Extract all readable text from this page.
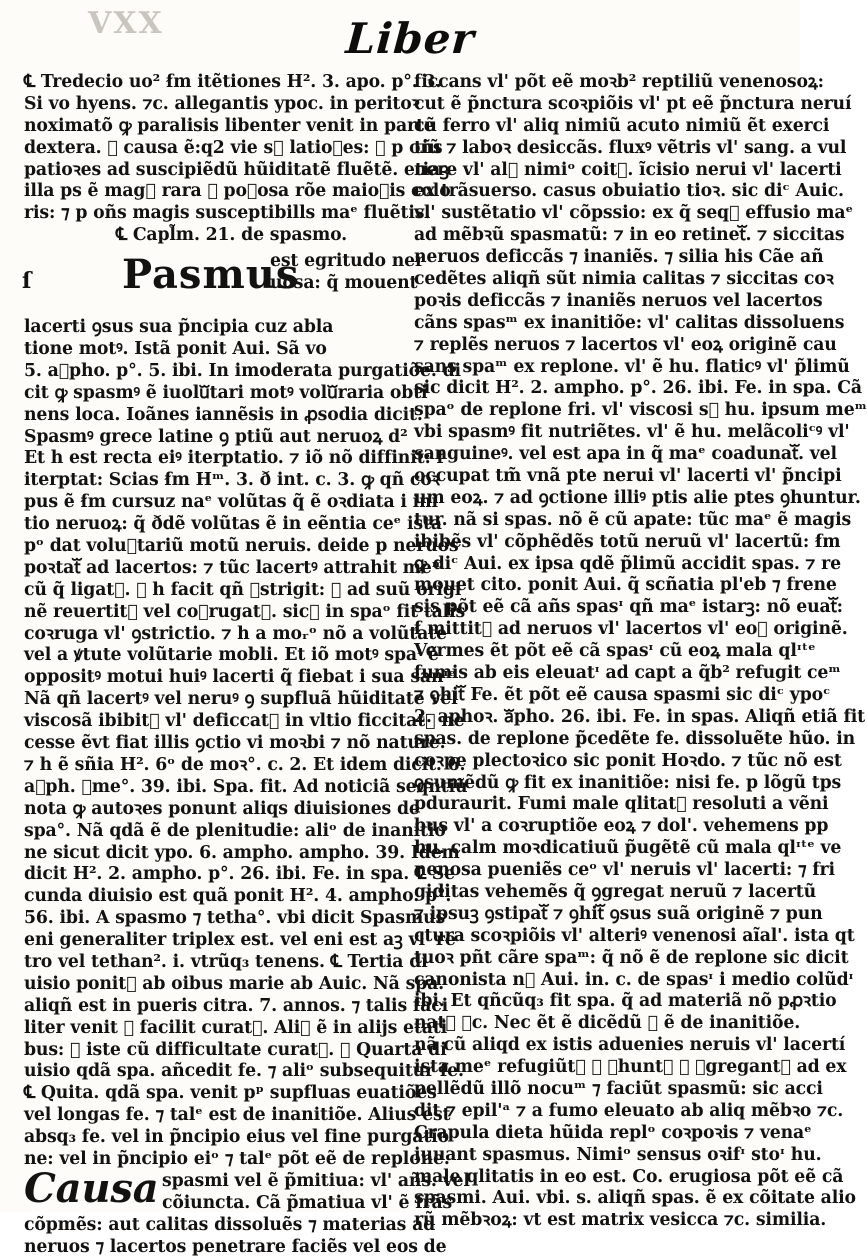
VXX	Liber
ſ
℄ Tredecio uo² ẜm itẽtiones H². 3. apo. p°. 3.
Si vo hyens. ⁊c. allegantis ypoc. in peritoꝛ
noximatõ ꝙ paralisis libenter venit in parte
dextera. ⁊ causa ẽ:q2 vie sᷓ latioꝛes: ⁊ p oñs
patioꝛes ad suscipiẽdũ hũiditatẽ fluẽtẽ. etiaꝫ
illa ps ẽ magᷓ rara ⁊ poꝛosa rõe maioꝛis colo
ris: ⁊ p oñs magis susceptibills maᵉ fluẽtis.
℄ Capl̃m. 21. de spasmo.
Pasmus
est egritudo ner
uosa: q̃ mouent
lacerti ꝯsus sua p̃ncipia cuz abla
tione motꝰ. Istã ponit Aui. Sã vo
5. aᷓpho. p°. 5. ibi. In imoderata purgatiõe. di
cit ꝙ spasmꝰ ẽ iuoluᷓtari motꝰ voluᷓraria obti
nens loca. Ioãnes iannẽsis in ꝓsodia dicit.
Spasmꝰ grece latine ꝯ ptiũ aut neruoꝝ d²
Et h est recta eiꝰ iterptatio. ⁊ iõ nõ diffinit: ẜ
iterptat: Scias ẜm Hᵐ. 3. ð int. c. 3. ꝙ qñ coꝛ
pus ẽ ẜm cursuz naᵉ volũtas q̃ ẽ oꝛdiata i ini
tio neruoꝝ: q̃ ðdẽ volũtas ẽ in eẽntia ceᵉ ista
pᵒ dat voluᷓtariũ motũ neruis. deide p neruos
poꝛtatᷓ ad lacertos: ⁊ tũc lacertꝰ attrahit meᵐ
cũ q̃ ligatᷓ. ⁊ h facit qñ ꝯstrigit: ⁊ ad suũ origi
nẽ reuertitᷓ vel coꝛrugatᷓ. sicᷓ in spaᵒ fit talis
coꝛruga vl' ꝯstrictio. ⁊ h a moᵣᵒ nõ a volũtate
vel a ꝟtute volũtarie mobli. Et iõ motꝰ spaᶦ ẽ
oppositꝰ motui huiꝰ lacerti q̃ fiebat i sua sanᶦᵉ
Nã qñ lacertꝰ vel neruꝰ ꝯ supfluã hũiditate vel
viscosã ibibitᷓ vl' deficcatᷓ in vltio ficcitatᷓ ne
cesse ẽvt fiat illis ꝯctio vi moꝛbi ⁊ nõ nature.
⁊ h ẽ sñia H². 6ᵒ de moꝛ°. c. 2. Et idem dicit. 6.
aᷓph. ꝯme°. 39. ibi. Spa. fit. Ad noticiã seqntiũ
nota ꝙ autoꝛes ponunt aliqs diuisiones de
spa°. Nã qdã ẽ de plenitudie: aliᵒ de inanitio
ne sicut dicit ypo. 6. ampho. ampho. 39. Idem
dicit H². 2. ampho. p°. 26. ibi. Fe. in spa. ℄ Se
cunda diuisio est quã ponit H². 4. ampho. p°.
56. ibi. A spasmo ⁊ tetha°. vbi dicit Spasmus
eni generaliter triplex est. vel eni est aꝫ vl' re
tro vel tethan². i. vtrũq₃ tenens. ℄ Tertia di
uisio ponitᷓ ab oibus marie ab Auic. Nã spa.
aliqñ est in pueris citra. 7. annos. ⁊ talis faci
liter venit ⁊ facilit curatᷓ. Aliꝰ ẽ in alijs etati
bus: ⁊ iste cũ difficultate curatᷓ. ℄ Quarta di
uisio qdã spa. añcedit fe. ⁊ aliᵒ subsequitur fe.
℄ Quita. qdã spa. venit pᵖ supfluas euatiões
vel longas fe. ⁊ talᵉ est de inanitiõe. Alius est
absq₃ fe. vel in p̃ncipio eius vel fine purgatio
ne: vel in p̃ncipio eiᵒ ⁊ talᵉ põt eẽ de replone.
Causa spasmi vel ẽ p̃mitiua: vl' añs. vel
cõiuncta. Cã p̃matiua vl' ẽ frãs
cõpmẽs: aut calitas dissoluẽs ⁊ materias ad
neruos ⁊ lacertos penetrare faciẽs vel eos de
ficcans vl' põt eẽ moꝛb² reptiliũ venenosoꝝ:
cut ẽ p̃nctura scoꝛpiõis vl' pt eẽ p̃nctura neruí
cũ ferro vl' aliq nimiũ acuto nimiũ ẽt exerci
tiũ ⁊ laboꝛ desiccãs. fluxꝰ vẽtris vl' sang. a vul
nere vl' alᷓ nimiᵒ coitꝰ. ĩcisio nerui vl' lacerti
ex trãsuerso. casus obuiatio tioꝛ. sic diᶜ Auic.
vl' sustẽtatio vl' cõpssio: ex q̃ seqᷓ effusio maᵉ
ad mẽbꝛũ spasmatũ: ⁊ in eo retinetᷓ. ⁊ siccitas
neruos deficcãs ⁊ inaniẽs. ⁊ silia his Cãe añ
cedẽtes aliqñ sũt nimia calitas ⁊ siccitas coꝛ
poꝛis deficcãs ⁊ inaniẽs neruos vel lacertos
cãns spasᵐ ex inanitiõe: vl' calitas dissoluens
⁊ replẽs neruos ⁊ lacertos vl' eoꝝ originẽ cau
sans spaᵐ ex replone. vl' ẽ hu. flaticꝰ vl' p̃limũ
sic dicit H². 2. ampho. p°. 26. ibi. Fe. in spa. Cã
spaᵒ de replone fri. vl' viscosi sᷓ hu. ipsum meᵐ
vbi spasmꝰ fit nutriẽtes. vl' ẽ hu. melãcoliᶜꝰ vl'
sanguineꝰ. vel est apa in q̃ maᵉ coadunatᷓ. vel
occupat tm̃ vnã pte nerui vl' lacerti vl' p̃ncipi
um eoꝝ. ⁊ ad ꝯctione illiꝰ ptis alie ptes ꝯhuntur.
tur. nã si spas. nõ ẽ cũ apate: tũc maᵉ ẽ magis
ibibẽs vl' cõphẽdẽs totũ neruũ vl' lacertũ: ẜm
ꝙ diᶜ Aui. ex ipsa qdẽ p̃limũ accidit spas. ⁊ re
mouet cito. ponit Aui. q̃ scñatia pl'eb ⁊ frene
sis põt eẽ cã añs spasᶦ qñ maᵉ istarꝫ: nõ euatᷓ:
ẜ mittitᷓ ad neruos vl' lacertos vl' eoꝝ originẽ.
Vermes ẽt põt eẽ cã spasᶦ cũ eoꝝ mala qlᶦᵗᵉ
fumis ab eis eleuatᶦ ad capt a q̃b² refugit ceᵐ
⁊ ꝯhitᷓ Fe. ẽt põt eẽ causa spasmi sic diᶜ ypoᶜ
2. aphoꝛ. aᷓpho. 26. ibi. Fe. in spas. Aliqñ etiã fit
spas. de replone p̃cedẽte fe. dissoluẽte hũo. in
coꝛpe plectoꝛico sic ponit Hoꝛdo. ⁊ tũc nõ est
ꝯsumẽdũ ꝙ fit ex inanitiõe: nisi fe. p lõgũ tps
pduraurit. Fumi male qlitatᷓ resoluti a vẽni
bus vl' a coꝛruptiõe eoꝝ ⁊ dol'. vehemens pp
hu. calm moꝛdicatiuũ p̃ugẽtẽ cũ mala qlᶦᵗᵉ ve
nenosa pueniẽs ceᵒ vl' neruis vl' lacerti: ⁊ fri
giditas vehemẽs q̃ ꝯgregat neruũ ⁊ lacertũ
⁊ ipsuꝫ ꝯstipatᷓ ⁊ ꝯhitᷓ ꝯsus suã originẽ ⁊ pun
ctura scoꝛpiõis vl' alteriꝰ venenosi aĩal'. ista qt
tuoꝛ pñt cãre spaᵐ: q̃ nõ ẽ de replone sic dicit
canonista nᷓ Aui. in. c. de spasᶦ i medio colũdᶦ
ibi. Et qñcũq₃ fit spa. q̃ ad materiã nõ pꝓꝛtio
natᷓ ⁊c. Nec ẽt ẽ dicẽdũ ꝙ ẽ de inanitiõe.
nã cũ aliqd ex istis aduenies neruis vl' lacertí
ista meᵉ refugiũtᷓ ⁊ ꝯhuntᷓ ⁊ ꝯgregantᷓ ad ex
pellẽdũ illõ nocuᵐ ⁊ faciũt spasmũ: sic acci
dit ⁊ epil'ᵃ ⁊ a fumo eleuato ab aliq mẽbꝛo ⁊c.
Crapula dieta hũida replᵒ coꝛpoꝛis ⁊ venaᵉ
iuuant spasmus. Nimiᵒ sensus oꝛifᶦ stoᶦ hu.
male qlitatis in eo est. Co. erugiosa põt eẽ cã
spasmi. Aui. vbi. s. aliqñ spas. ẽ ex cõitate alio
rũ mẽbꝛoꝝ: vt est matrix vesicca ⁊c. similia.
